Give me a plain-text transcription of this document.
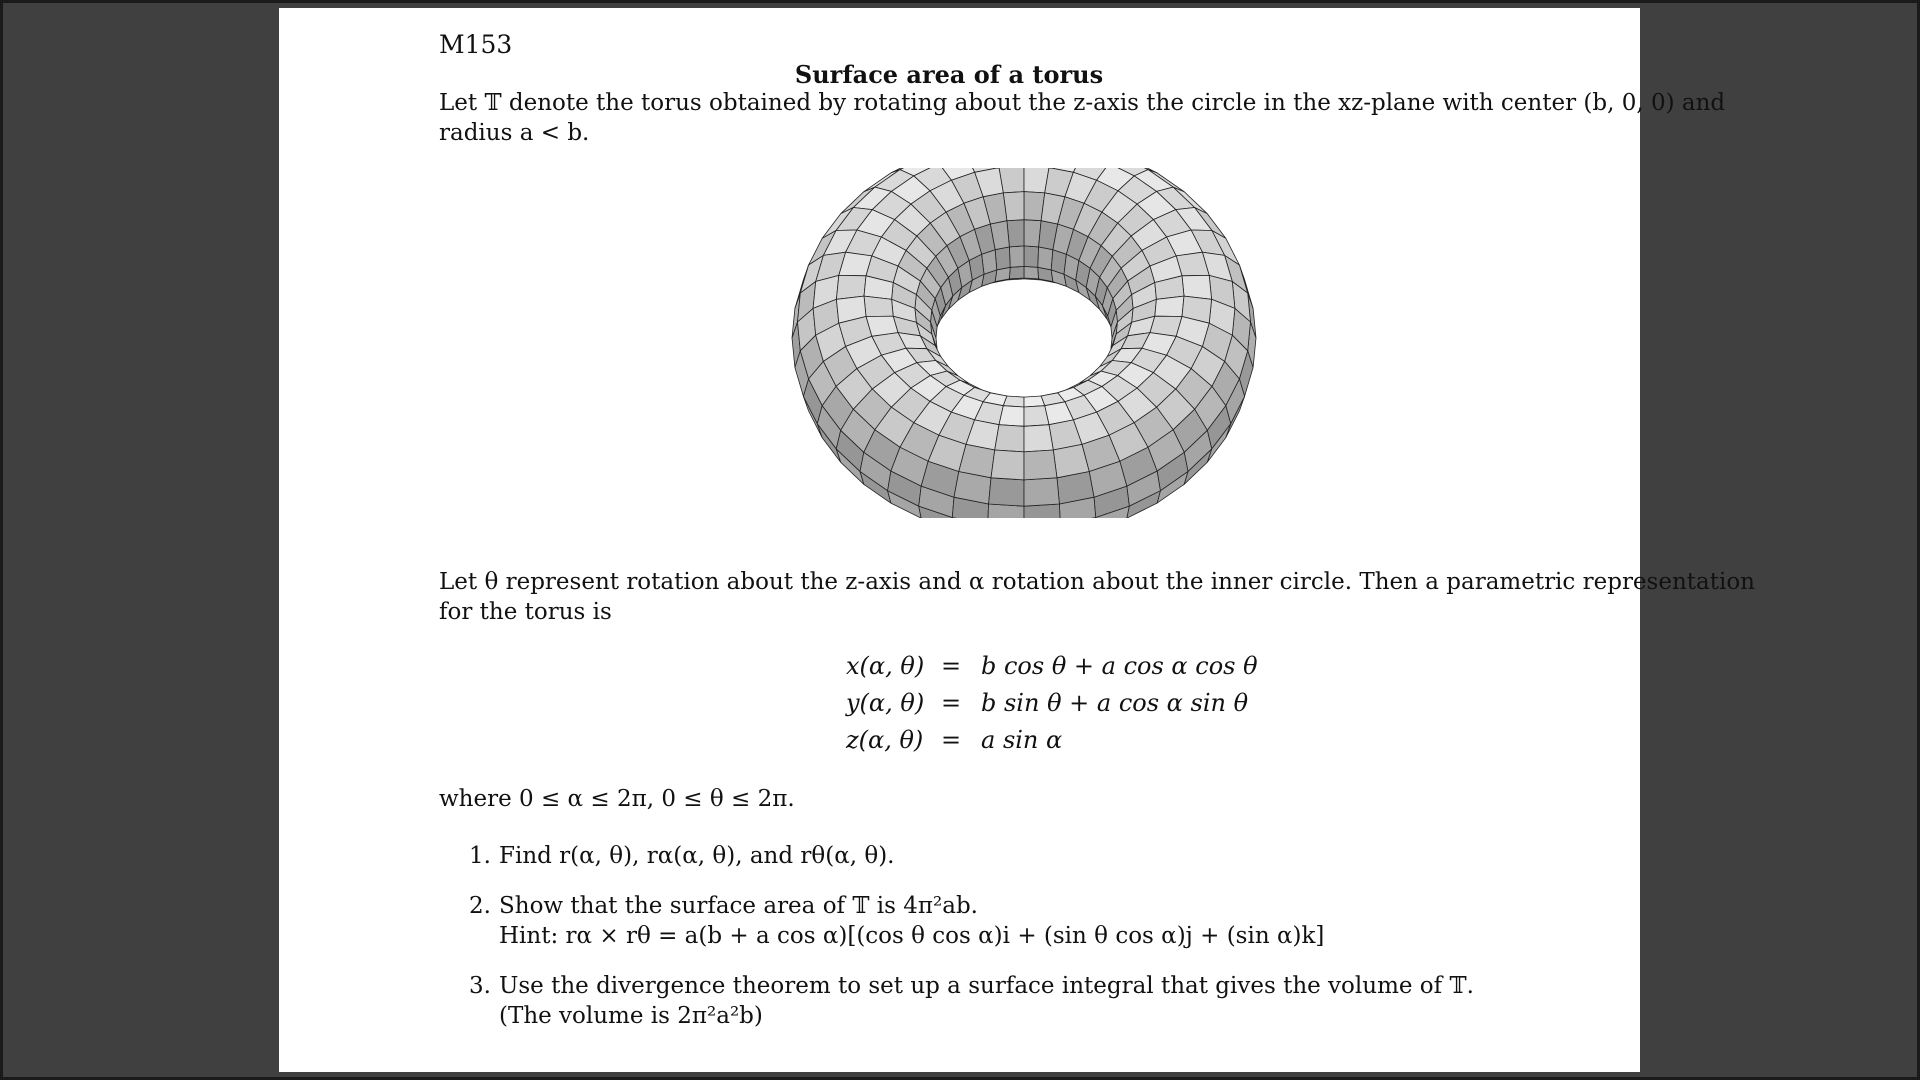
M153
Surface area of a torus
Let 𝕋 denote the torus obtained by rotating about the z-axis the circle in the xz-plane with center (b, 0, 0) and
radius a < b.
Let θ represent rotation about the z-axis and α rotation about the inner circle. Then a parametric representation
for the torus is
x(α, θ) = b cos θ + a cos α cos θ
y(α, θ) = b sin θ + a cos α sin θ
z(α, θ) = a sin α
where 0 ≤ α ≤ 2π, 0 ≤ θ ≤ 2π.
1. Find r(α, θ), rα(α, θ), and rθ(α, θ).
2. Show that the surface area of 𝕋 is 4π²ab.
Hint: rα × rθ = a(b + a cos α)[(cos θ cos α)i + (sin θ cos α)j + (sin α)k]
3. Use the divergence theorem to set up a surface integral that gives the volume of 𝕋.
(The volume is 2π²a²b)
